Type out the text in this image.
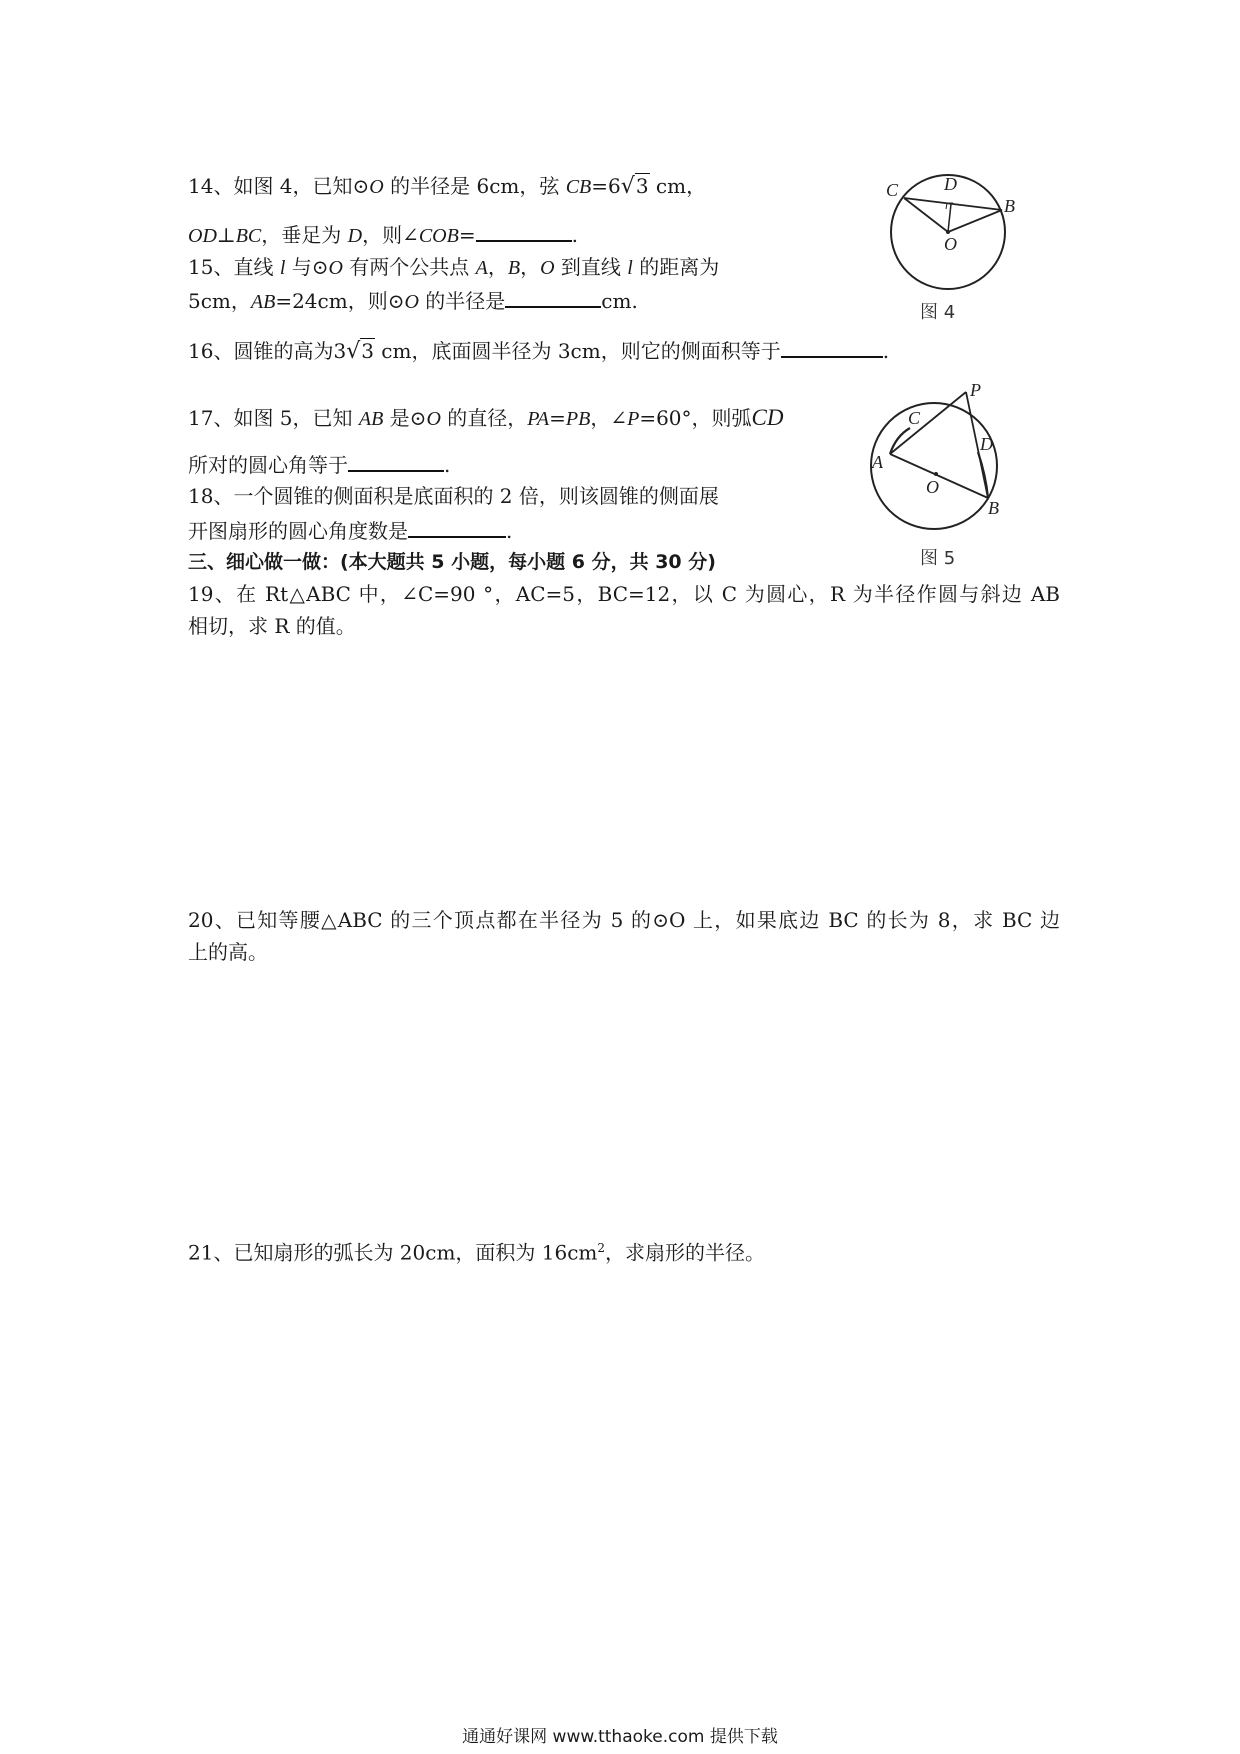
14、如图 4，已知⊙O 的半径是 6cm，弦 CB=6√3 cm，
OD⊥BC，垂足为 D，则∠COB=	.
15、直线 l 与⊙O 有两个公共点 A，B，O 到直线 l 的距离为
5cm，AB=24cm，则⊙O 的半径是	cm.
16、圆锥的高为3√3 cm，底面圆半径为 3cm，则它的侧面积等于	.
17、如图 5，已知 AB 是⊙O 的直径，PA=PB，∠P=60°，则弧CD
所对的圆心角等于	.
18、一个圆锥的侧面积是底面积的 2 倍，则该圆锥的侧面展
开图扇形的圆心角度数是	.
三、细心做一做：(本大题共 5 小题，每小题 6 分，共 30 分)
19、在 Rt△ABC 中，∠C=90 °，AC=5，BC=12，以 C 为圆心，R 为半径作圆与斜边 AB
相切，求 R 的值。
20、已知等腰△ABC 的三个顶点都在半径为 5 的⊙O 上，如果底边 BC 的长为 8，求 BC 边
上的高。
21、已知扇形的弧长为 20cm，面积为 $16cm^2$，求扇形的半径。
C	D
B
O
图 4
P
C
D
A
O
B
图 5
通通好课网 www.tthaoke.com 提供下载
